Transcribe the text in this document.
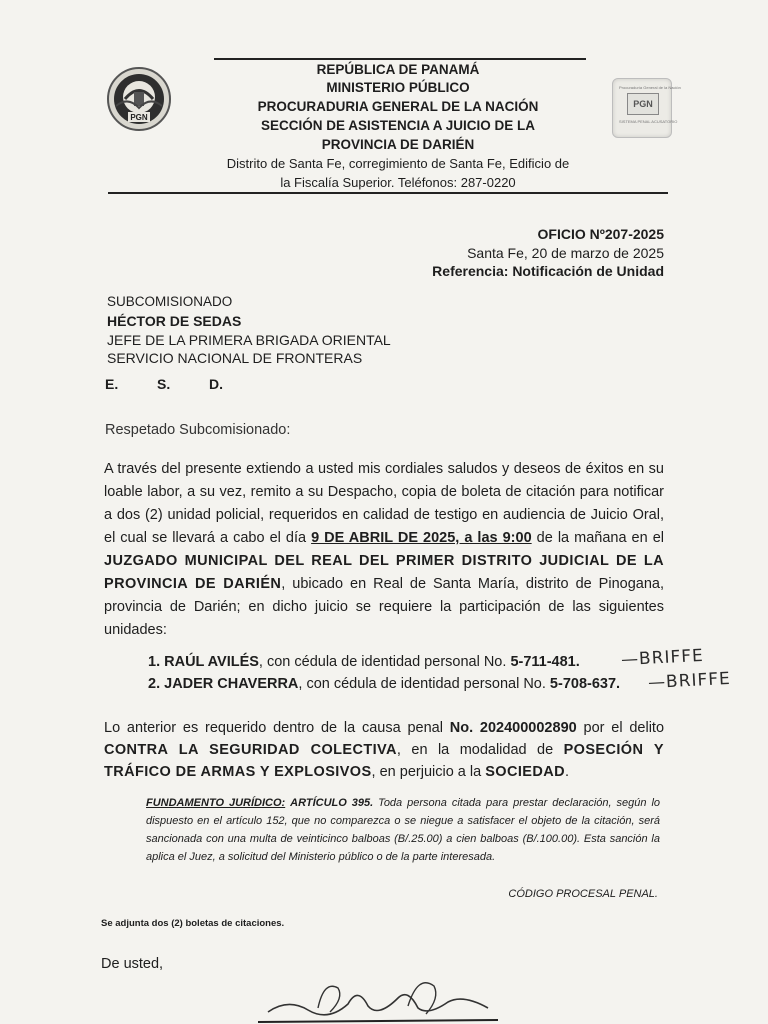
PGN
REPÚBLICA DE PANAMÁ
MINISTERIO PÚBLICO
PROCURADURIA GENERAL DE LA NACIÓN
SECCIÓN DE ASISTENCIA A JUICIO DE LA
PROVINCIA DE DARIÉN
Distrito de Santa Fe, corregimiento de Santa Fe, Edificio de
la Fiscalía Superior. Teléfonos: 287-0220
Procuraduría General de la Nación
PGN
SISTEMA PENAL ACUSATORIO
OFICIO Nº207-2025
Santa Fe, 20 de marzo de 2025
Referencia: Notificación de Unidad
SUBCOMISIONADO
HÉCTOR DE SEDAS
JEFE DE LA PRIMERA BRIGADA ORIENTAL
SERVICIO NACIONAL DE FRONTERAS
E.	S.	D.
Respetado Subcomisionado:
A través del presente extiendo a usted mis cordiales saludos y deseos de éxitos en su loable labor, a su vez, remito a su Despacho, copia de boleta de citación para notificar a dos (2) unidad policial, requeridos en calidad de testigo en audiencia de Juicio Oral, el cual se llevará a cabo el día 9 DE ABRIL DE 2025, a las 9:00 de la mañana en el JUZGADO MUNICIPAL DEL REAL DEL PRIMER DISTRITO JUDICIAL DE LA PROVINCIA DE DARIÉN, ubicado en Real de Santa María, distrito de Pinogana, provincia de Darién; en dicho juicio se requiere la participación de las siguientes unidades:
1. RAÚL AVILÉS, con cédula de identidad personal No. 5-711-481. —BRIFFE
2. JADER CHAVERRA, con cédula de identidad personal No. 5-708-637. —BRIFFE
Lo anterior es requerido dentro de la causa penal No. 202400002890 por el delito CONTRA LA SEGURIDAD COLECTIVA, en la modalidad de POSECIÓN Y TRÁFICO DE ARMAS Y EXPLOSIVOS, en perjuicio a la SOCIEDAD.
FUNDAMENTO JURÍDICO: ARTÍCULO 395. Toda persona citada para prestar declaración, según lo dispuesto en el artículo 152, que no comparezca o se niegue a satisfacer el objeto de la citación, será sancionada con una multa de veinticinco balboas (B/.25.00) a cien balboas (B/.100.00). Esta sanción la aplica el Juez, a solicitud del Ministerio público o de la parte interesada.
CÓDIGO PROCESAL PENAL.
Se adjunta dos (2) boletas de citaciones.
De usted,
